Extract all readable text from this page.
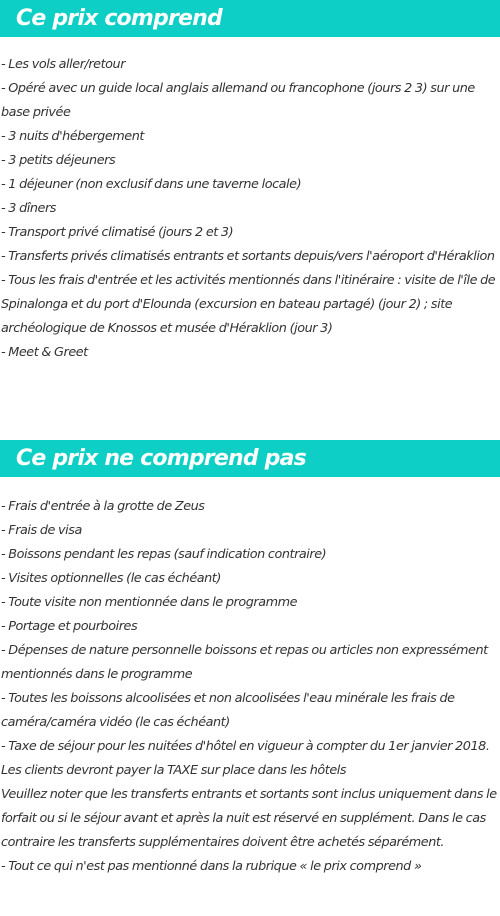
Ce prix comprend
- Les vols aller/retour
- Opéré avec un guide local anglais allemand ou francophone (jours 2 3) sur une base privée
- 3 nuits d'hébergement
- 3 petits déjeuners
- 1 déjeuner (non exclusif dans une taverne locale)
- 3 dîners
- Transport privé climatisé (jours 2 et 3)
- Transferts privés climatisés entrants et sortants depuis/vers l'aéroport d'Héraklion
- Tous les frais d'entrée et les activités mentionnés dans l'itinéraire : visite de l'île de Spinalonga et du port d'Elounda (excursion en bateau partagé) (jour 2) ; site archéologique de Knossos et musée d'Héraklion (jour 3)
- Meet & Greet
Ce prix ne comprend pas
- Frais d'entrée à la grotte de Zeus
- Frais de visa
- Boissons pendant les repas (sauf indication contraire)
- Visites optionnelles (le cas échéant)
- Toute visite non mentionnée dans le programme
- Portage et pourboires
- Dépenses de nature personnelle boissons et repas ou articles non expressément mentionnés dans le programme
- Toutes les boissons alcoolisées et non alcoolisées l'eau minérale les frais de caméra/caméra vidéo (le cas échéant)
- Taxe de séjour pour les nuitées d'hôtel en vigueur à compter du 1er janvier 2018. Les clients devront payer la TAXE sur place dans les hôtels
Veuillez noter que les transferts entrants et sortants sont inclus uniquement dans le forfait ou si le séjour avant et après la nuit est réservé en supplément. Dans le cas contraire les transferts supplémentaires doivent être achetés séparément.
- Tout ce qui n'est pas mentionné dans la rubrique « le prix comprend »
